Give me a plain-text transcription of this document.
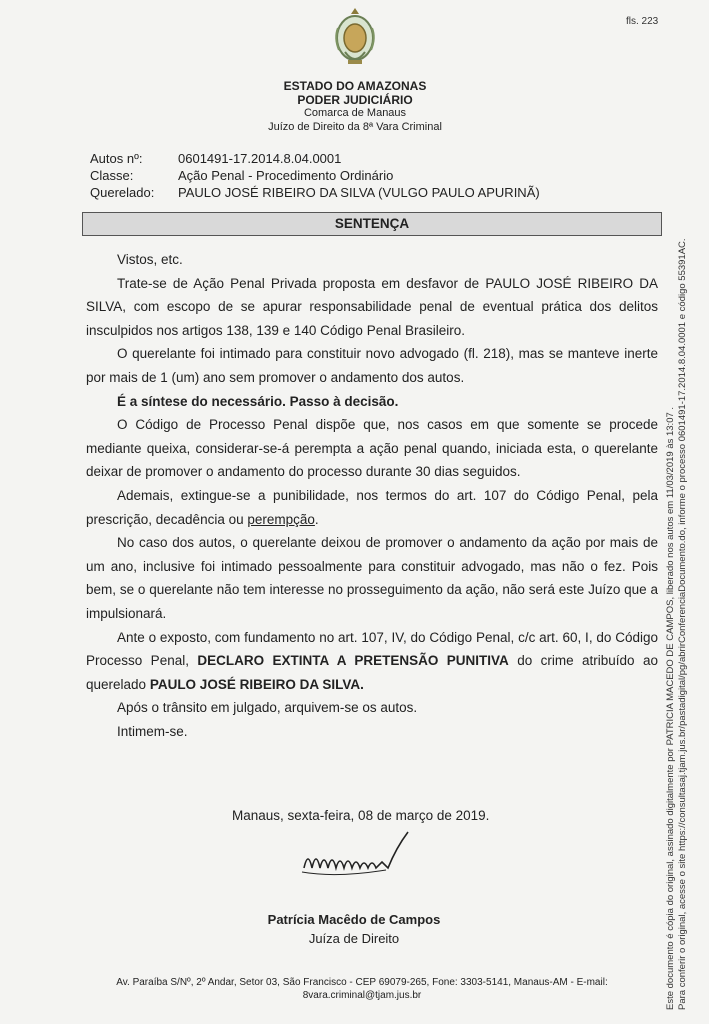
fls. 223
ESTADO DO AMAZONAS
PODER JUDICIÁRIO
Comarca de Manaus
Juízo de Direito da 8ª Vara Criminal
Autos nº:	0601491-17.2014.8.04.0001
Classe:	Ação Penal - Procedimento Ordinário
Querelado:	PAULO JOSÉ RIBEIRO DA SILVA (VULGO PAULO APURINÃ)
SENTENÇA

Vistos, etc.

Trate-se de Ação Penal Privada proposta em desfavor de PAULO JOSÉ RIBEIRO DA SILVA, com escopo de se apurar responsabilidade penal de eventual prática dos delitos insculpidos nos artigos 138, 139 e 140 Código Penal Brasileiro.

O querelante foi intimado para constituir novo advogado (fl. 218), mas se manteve inerte por mais de 1 (um) ano sem promover o andamento dos autos.

É a síntese do necessário. Passo à decisão.

O Código de Processo Penal dispõe que, nos casos em que somente se procede mediante queixa, considerar-se-á perempta a ação penal quando, iniciada esta, o querelante deixar de promover o andamento do processo durante 30 dias seguidos.

Ademais, extingue-se a punibilidade, nos termos do art. 107 do Código Penal, pela prescrição, decadência ou perempção.

No caso dos autos, o querelante deixou de promover o andamento da ação por mais de um ano, inclusive foi intimado pessoalmente para constituir advogado, mas não o fez. Pois bem, se o querelante não tem interesse no prosseguimento da ação, não será este Juízo que a impulsionará.

Ante o exposto, com fundamento no art. 107, IV, do Código Penal, c/c art. 60, I, do Código Processo Penal, DECLARO EXTINTA A PRETENSÃO PUNITIVA do crime atribuído ao querelado PAULO JOSÉ RIBEIRO DA SILVA.

Após o trânsito em julgado, arquivem-se os autos.

Intimem-se.

Manaus, sexta-feira, 08 de março de 2019.
Patrícia Macêdo de Campos
Juíza de Direito
Av. Paraíba S/Nº, 2º Andar, Setor 03, São Francisco - CEP 69079-265, Fone: 3303-5141, Manaus-AM - E-mail:
8vara.criminal@tjam.jus.br	Este documento é cópia do original, assinado digitalmente por PATRICIA MACEDO DE CAMPOS, liberado nos autos em 11/03/2019 às 13:07 . Para conferir o original, acesse o site https://consultasaj.tjam.jus.br/pastadigital/pg/abrirConferenciaDocumento.do, informe o processo 0601491-17.2014.8.04.0001 e código 55391AC.
